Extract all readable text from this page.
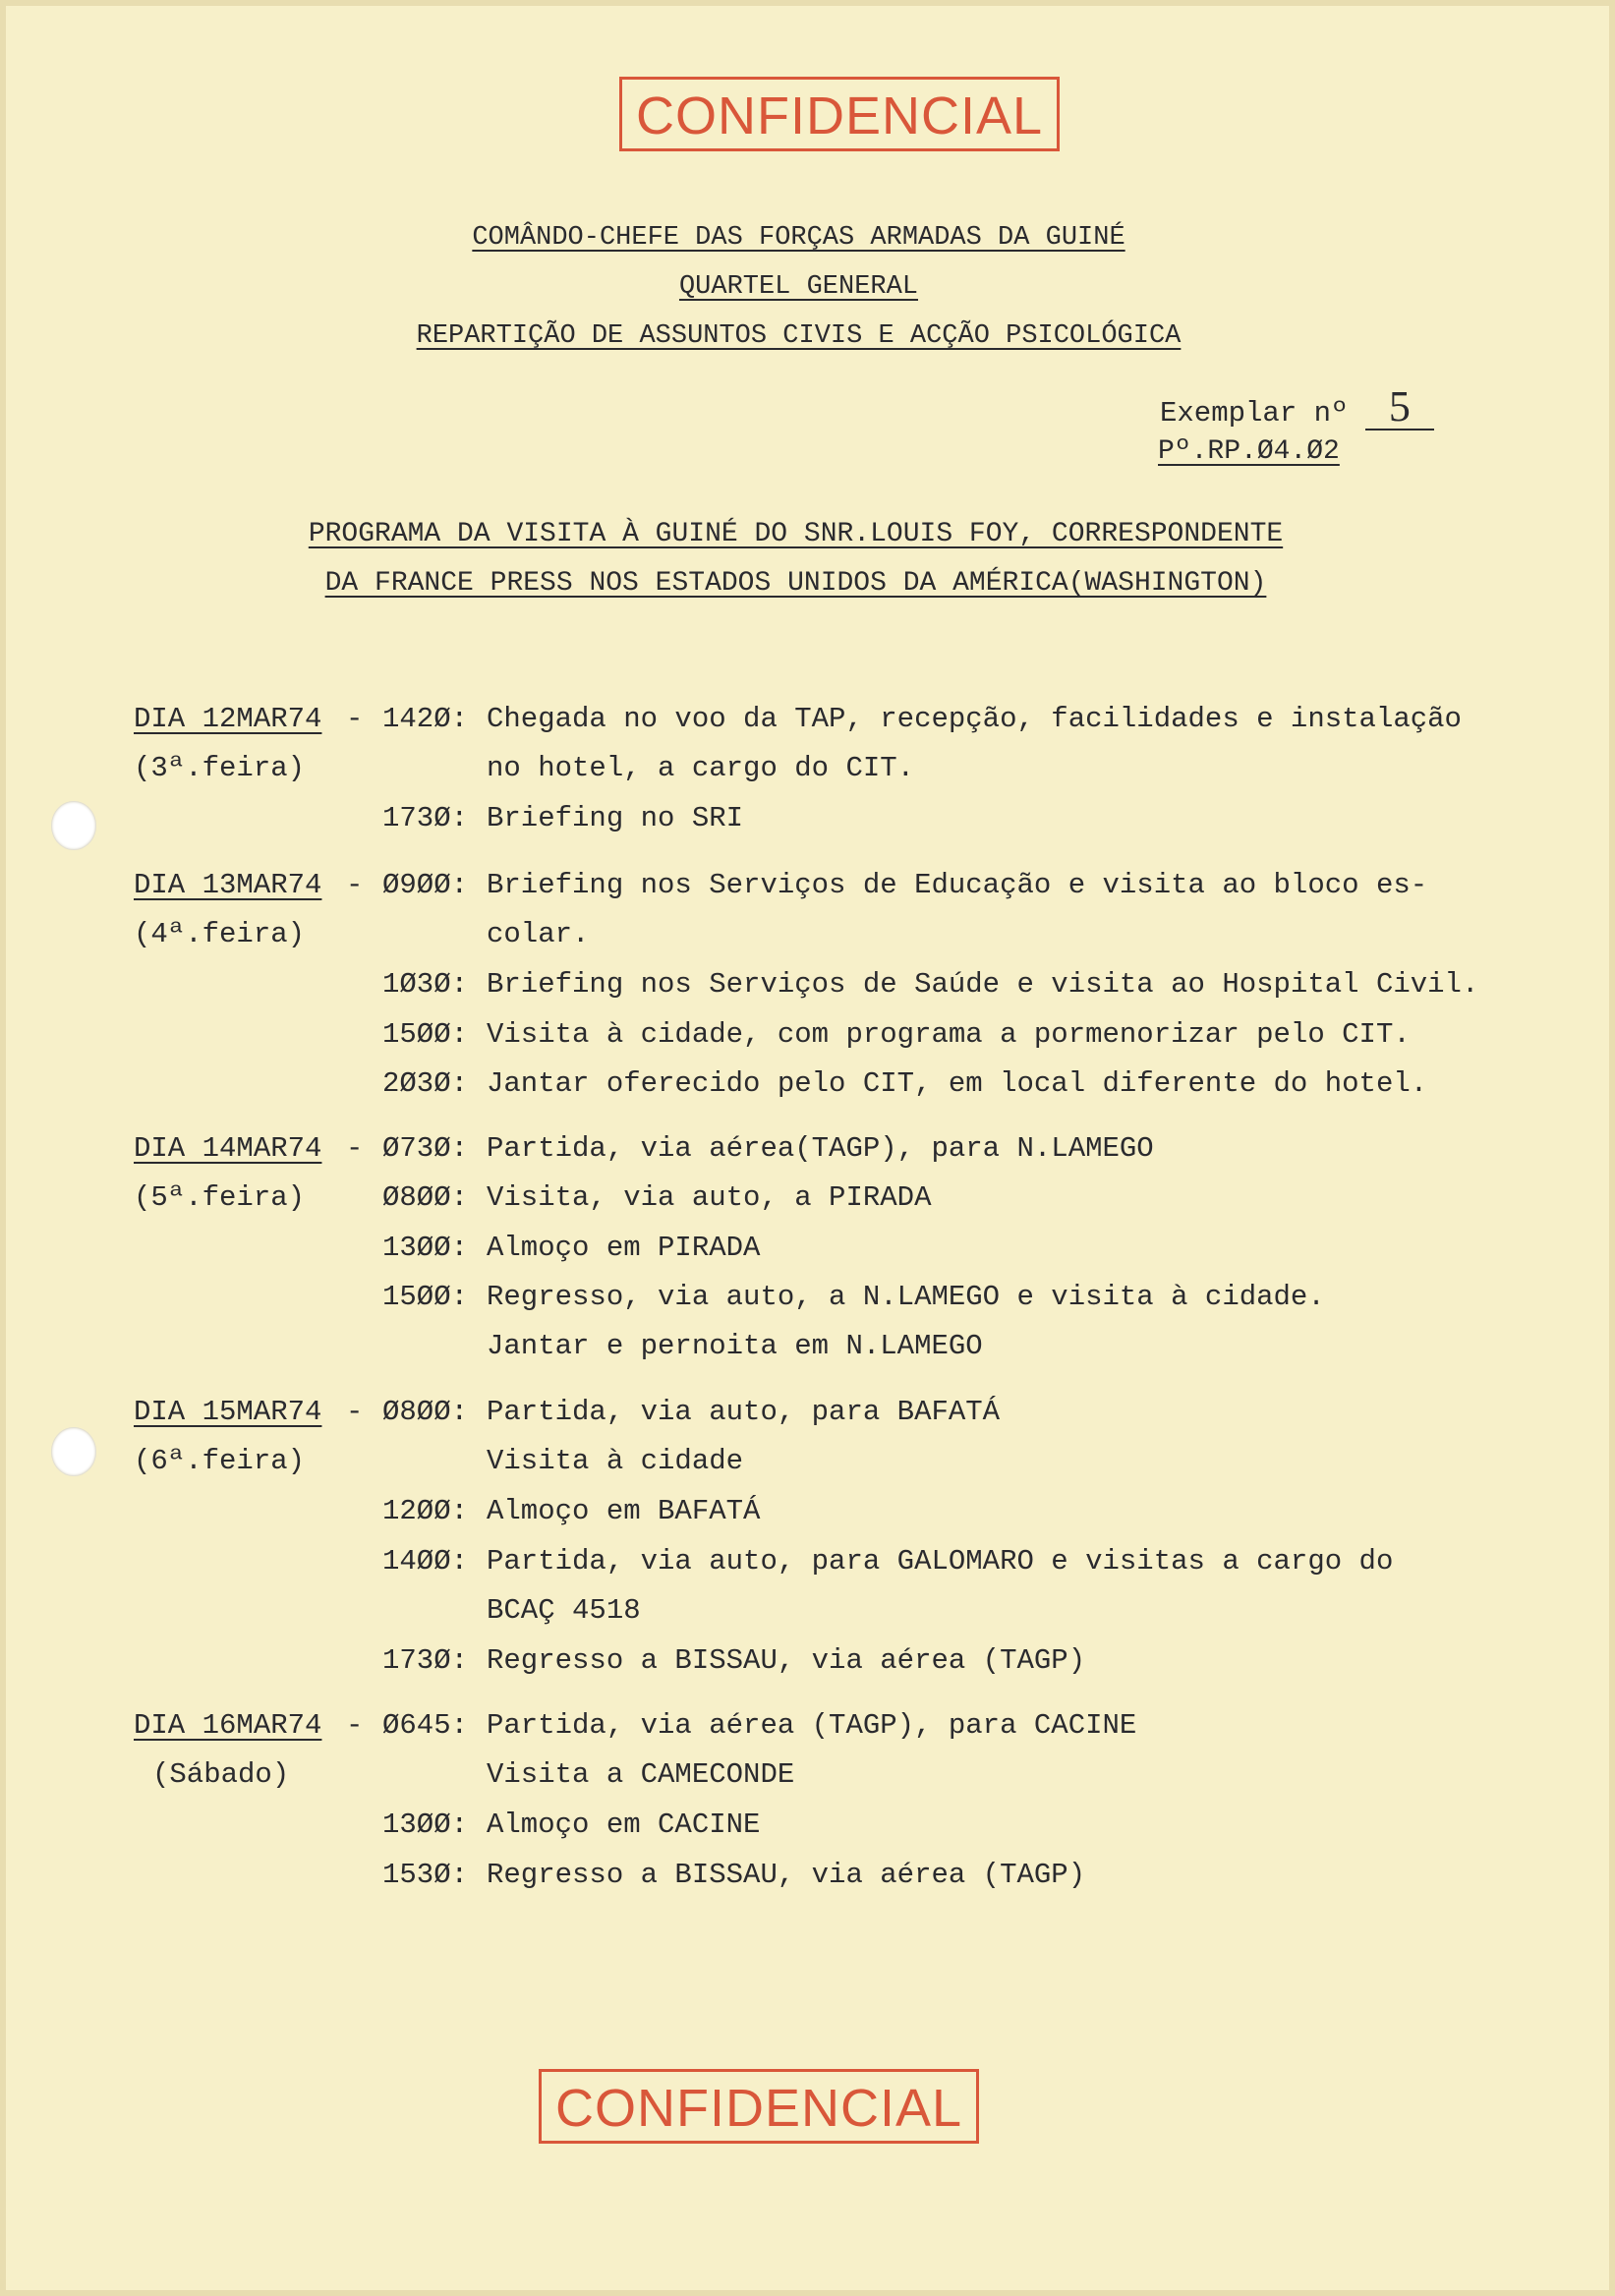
CONFIDENCIAL
COMÂNDO-CHEFE DAS FORÇAS ARMADAS DA GUINÉ
QUARTEL GENERAL
REPARTIÇÃO DE ASSUNTOS CIVIS E ACÇÃO PSICOLÓGICA
Exemplar nº 5
Pº.RP.Ø4.Ø2
PROGRAMA DA VISITA À GUINÉ DO SNR.LOUIS FOY, CORRESPONDENTE
DA FRANCE PRESS NOS ESTADOS UNIDOS DA AMÉRICA(WASHINGTON)
DIA 12MAR74 -
(3ª.feira)
142Ø: Chegada no voo da TAP, recepção, facilidades e instalação
no hotel, a cargo do CIT.
173Ø: Briefing no SRI
DIA 13MAR74 -
(4ª.feira)
Ø9ØØ: Briefing nos Serviços de Educação e visita ao bloco es-
colar.
1Ø3Ø: Briefing nos Serviços de Saúde e visita ao Hospital Civil.
15ØØ: Visita à cidade, com programa a pormenorizar pelo CIT.
2Ø3Ø: Jantar oferecido pelo CIT, em local diferente do hotel.
DIA 14MAR74 -
(5ª.feira)
Ø73Ø: Partida, via aérea(TAGP), para N.LAMEGO
Ø8ØØ: Visita, via auto, a PIRADA
13ØØ: Almoço em PIRADA
15ØØ: Regresso, via auto, a N.LAMEGO e visita à cidade.
Jantar e pernoita em N.LAMEGO
DIA 15MAR74 -
(6ª.feira)
Ø8ØØ: Partida, via auto, para BAFATÁ
Visita à cidade
12ØØ: Almoço em BAFATÁ
14ØØ: Partida, via auto, para GALOMARO e visitas a cargo do
BCAÇ 4518
173Ø: Regresso a BISSAU, via aérea (TAGP)
DIA 16MAR74 -
(Sábado)
Ø645: Partida, via aérea (TAGP), para CACINE
Visita a CAMECONDE
13ØØ: Almoço em CACINE
153Ø: Regresso a BISSAU, via aérea (TAGP)
CONFIDENCIAL
